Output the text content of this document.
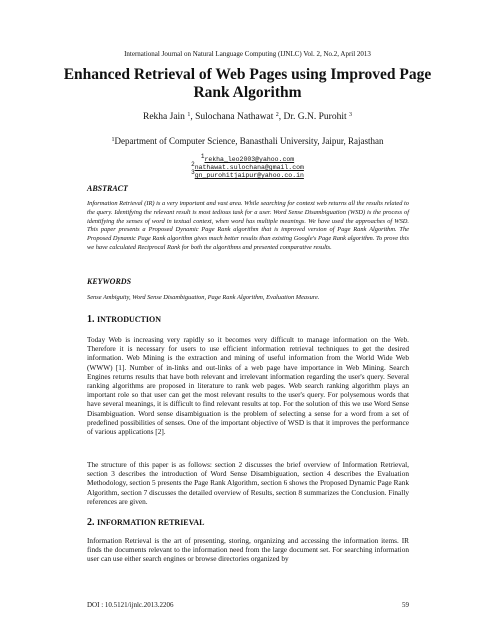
International Journal on Natural Language Computing (IJNLC) Vol. 2, No.2, April 2013
Enhanced Retrieval of Web Pages using Improved Page Rank Algorithm
Rekha Jain $^1$, Sulochana Nathawat $^2$, Dr. G.N. Purohit $^3$
$^1$Department of Computer Science, Banasthali University, Jaipur, Rajasthan
$^1$rekha_leo2003@yahoo.com
$^2$nathawat.sulochana@gmail.com
$^3$gn_purohitjaipur@yahoo.co.in
ABSTRACT
Information Retrieval (IR) is a very important and vast area. While searching for context web returns all the results related to the query. Identifying the relevant result is most tedious task for a user. Word Sense Disambiguation (WSD) is the process of identifying the senses of word in textual context, when word has multiple meanings. We have used the approaches of WSD. This paper presents a Proposed Dynamic Page Rank algorithm that is improved version of Page Rank Algorithm. The Proposed Dynamic Page Rank algorithm gives much better results than existing Google's Page Rank algorithm. To prove this we have calculated Reciprocal Rank for both the algorithms and presented comparative results.
KEYWORDS
Sense Ambiguity, Word Sense Disambiguation, Page Rank Algorithm, Evaluation Measure.
1. INTRODUCTION
Today Web is increasing very rapidly so it becomes very difficult to manage information on the Web. Therefore it is necessary for users to use efficient information retrieval techniques to get the desired information. Web Mining is the extraction and mining of useful information from the World Wide Web (WWW) [1]. Number of in-links and out-links of a web page have importance in Web Mining. Search Engines returns results that have both relevant and irrelevant information regarding the user's query. Several ranking algorithms are proposed in literature to rank web pages. Web search ranking algorithm plays an important role so that user can get the most relevant results to the user's query. For polysemous words that have several meanings, it is difficult to find relevant results at top. For the solution of this we use Word Sense Disambiguation. Word sense disambiguation is the problem of selecting a sense for a word from a set of predefined possibilities of senses. One of the important objective of WSD is that it improves the performance of various applications [2].
The structure of this paper is as follows: section 2 discusses the brief overview of Information Retrieval, section 3 describes the introduction of Word Sense Disambiguation, section 4 describes the Evaluation Methodology, section 5 presents the Page Rank Algorithm, section 6 shows the Proposed Dynamic Page Rank Algorithm, section 7 discusses the detailed overview of Results, section 8 summarizes the Conclusion. Finally references are given.
2. INFORMATION RETRIEVAL
Information Retrieval is the art of presenting, storing, organizing and accessing the information items. IR finds the documents relevant to the information need from the large document set. For searching information user can use either search engines or browse directories organized by
DOI : 10.5121/ijnlc.2013.2206	59
